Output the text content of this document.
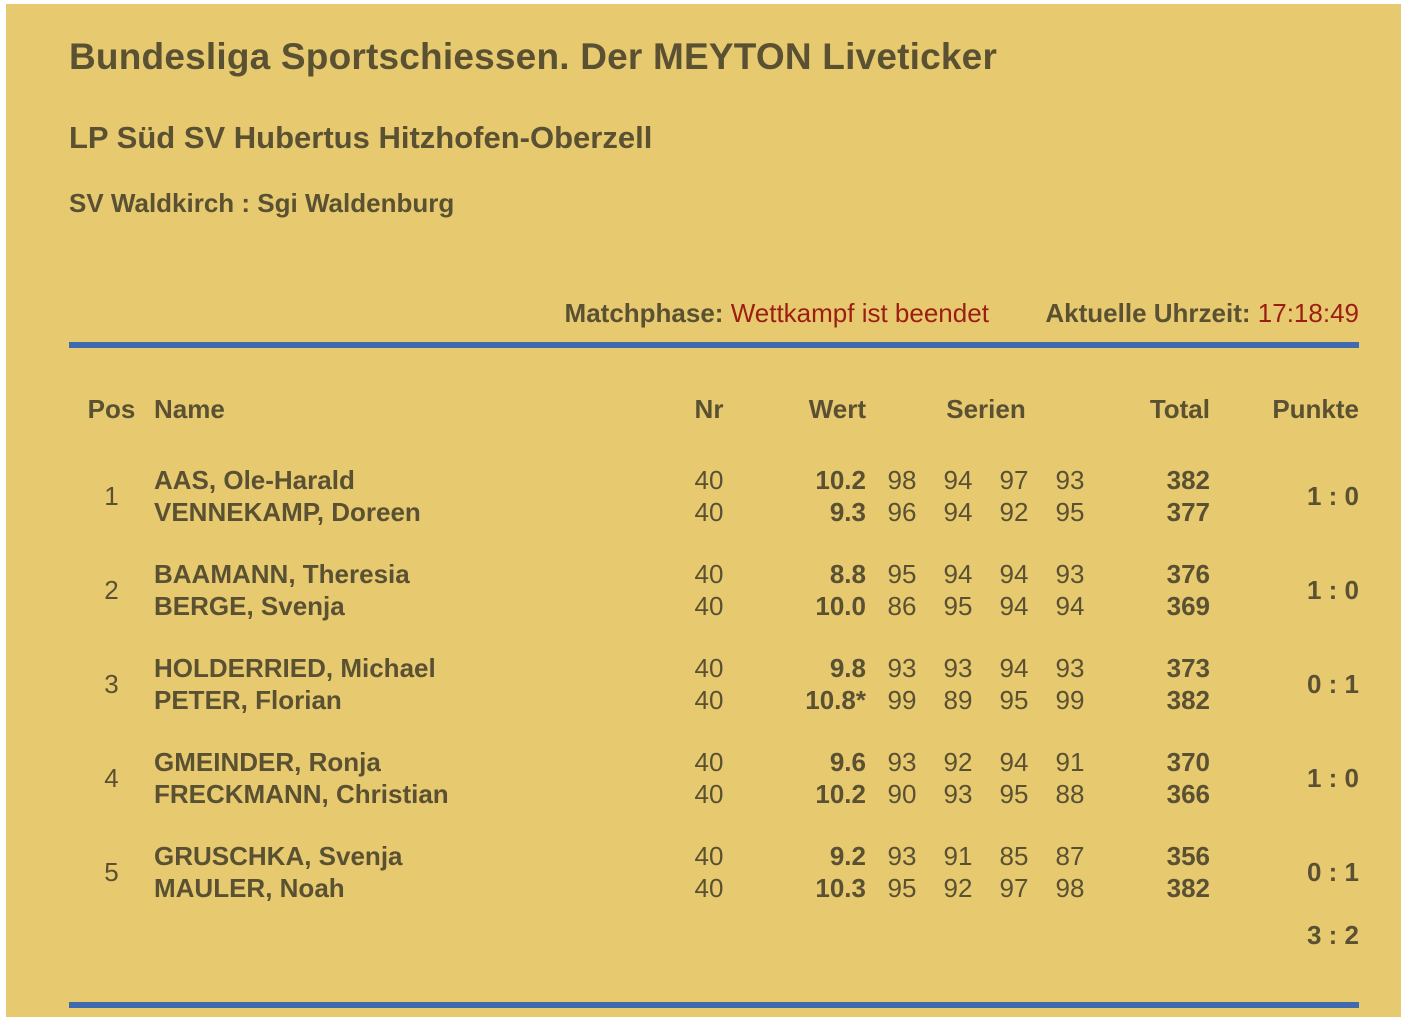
Bundesliga Sportschiessen. Der MEYTON Liveticker
LP Süd SV Hubertus Hitzhofen-Oberzell
SV Waldkirch : Sgi Waldenburg
Matchphase: Wettkampf ist beendet Aktuelle Uhrzeit: 17:18:49
Pos	Name	Nr	Wert	Serien				Total	Punkte

1	AAS, Ole-Harald	40	10.2	98	94	97	93	382	1 : 0
	VENNEKAMP, Doreen	40	9.3	96	94	92	95	377	

2	BAAMANN, Theresia	40	8.8	95	94	94	93	376	1 : 0
	BERGE, Svenja	40	10.0	86	95	94	94	369	

3	HOLDERRIED, Michael	40	9.8	93	93	94	93	373	0 : 1
	PETER, Florian	40	10.8*	99	89	95	99	382	

4	GMEINDER, Ronja	40	9.6	93	92	94	91	370	1 : 0
	FRECKMANN, Christian	40	10.2	90	93	95	88	366	

5	GRUSCHKA, Svenja	40	9.2	93	91	85	87	356	0 : 1
	MAULER, Noah	40	10.3	95	92	97	98	382	
									3 : 2
